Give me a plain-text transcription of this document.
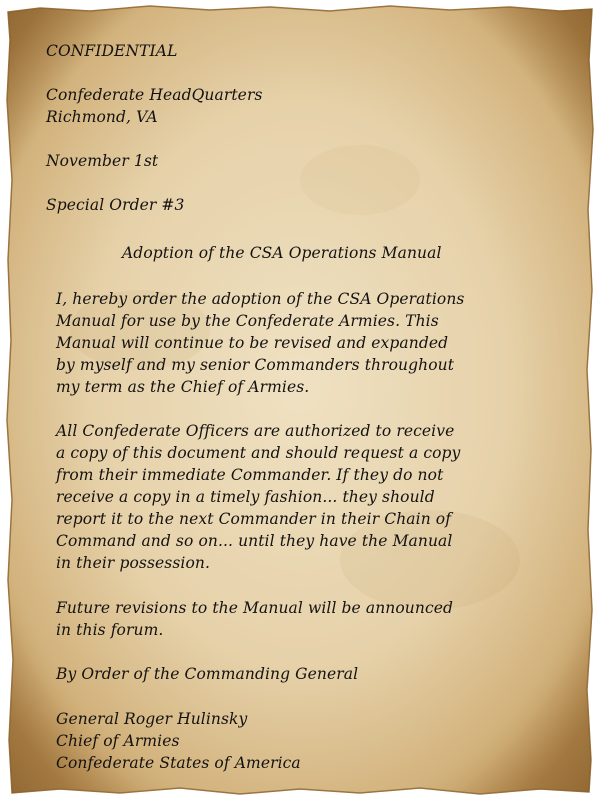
CONFIDENTIAL
Confederate HeadQuarters
Richmond, VA
November 1st
Special Order #3
Adoption of the CSA Operations Manual
I, hereby order the adoption of the CSA Operations
Manual for use by the Confederate Armies. This
Manual will continue to be revised and expanded
by myself and my senior Commanders throughout
my term as the Chief of Armies.
All Confederate Officers are authorized to receive
a copy of this document and should request a copy
from their immediate Commander. If they do not
receive a copy in a timely fashion... they should
report it to the next Commander in their Chain of
Command and so on... until they have the Manual
in their possession.
Future revisions to the Manual will be announced
in this forum.
By Order of the Commanding General
General Roger Hulinsky
Chief of Armies
Confederate States of America
